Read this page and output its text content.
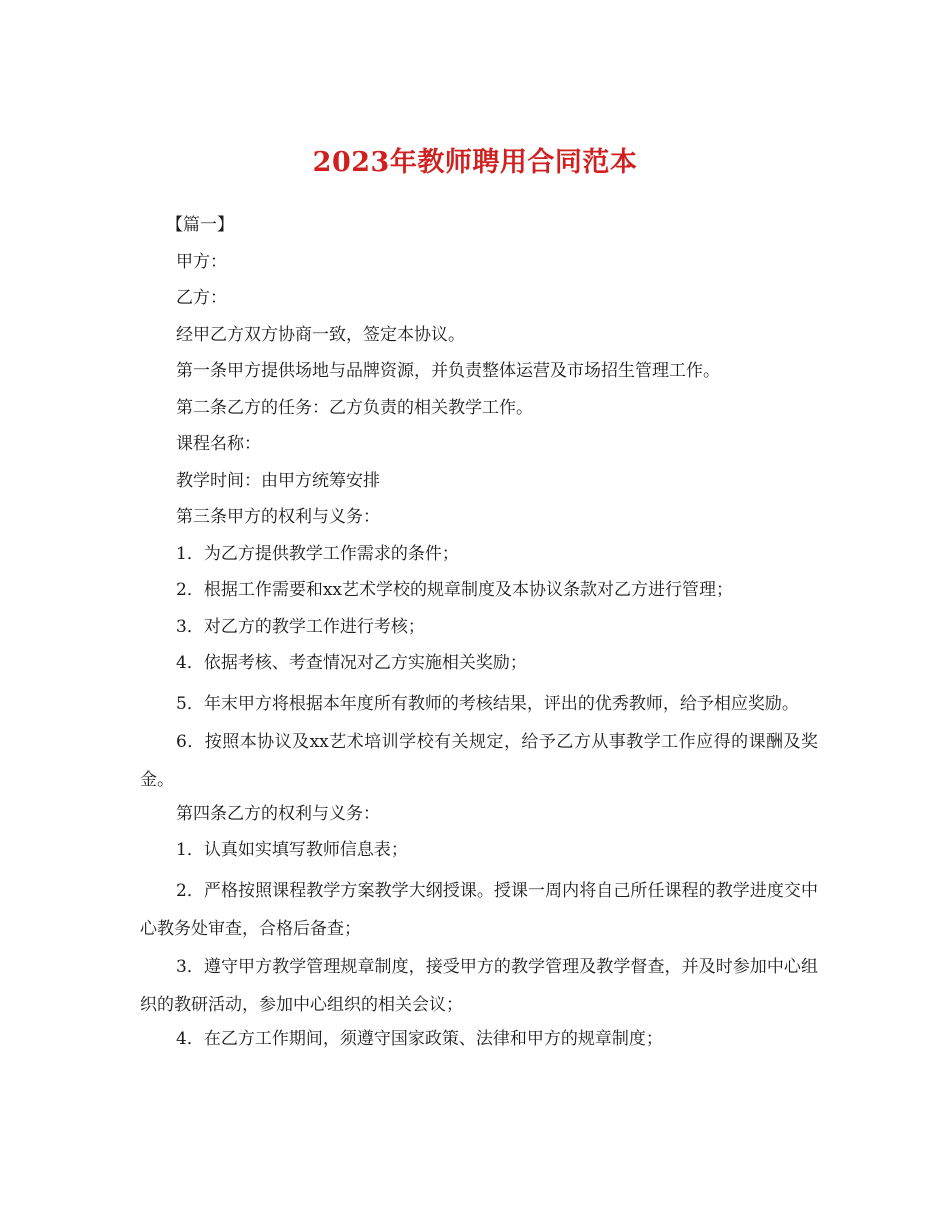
2023年教师聘用合同范本
【篇一】
甲方：
乙方：
经甲乙方双方协商一致，签定本协议。
第一条甲方提供场地与品牌资源，并负责整体运营及市场招生管理工作。
第二条乙方的任务：乙方负责的相关教学工作。
课程名称：
教学时间：由甲方统筹安排
第三条甲方的权利与义务：
1．为乙方提供教学工作需求的条件；
2．根据工作需要和xx艺术学校的规章制度及本协议条款对乙方进行管理；
3．对乙方的教学工作进行考核；
4．依据考核、考查情况对乙方实施相关奖励；
5．年末甲方将根据本年度所有教师的考核结果，评出的优秀教师，给予相应奖励。
6．按照本协议及xx艺术培训学校有关规定，给予乙方从事教学工作应得的课酬及奖金。
第四条乙方的权利与义务：
1．认真如实填写教师信息表；
2．严格按照课程教学方案教学大纲授课。授课一周内将自己所任课程的教学进度交中心教务处审查，合格后备查；
3．遵守甲方教学管理规章制度，接受甲方的教学管理及教学督查，并及时参加中心组织的教研活动，参加中心组织的相关会议；
4．在乙方工作期间，须遵守国家政策、法律和甲方的规章制度；
